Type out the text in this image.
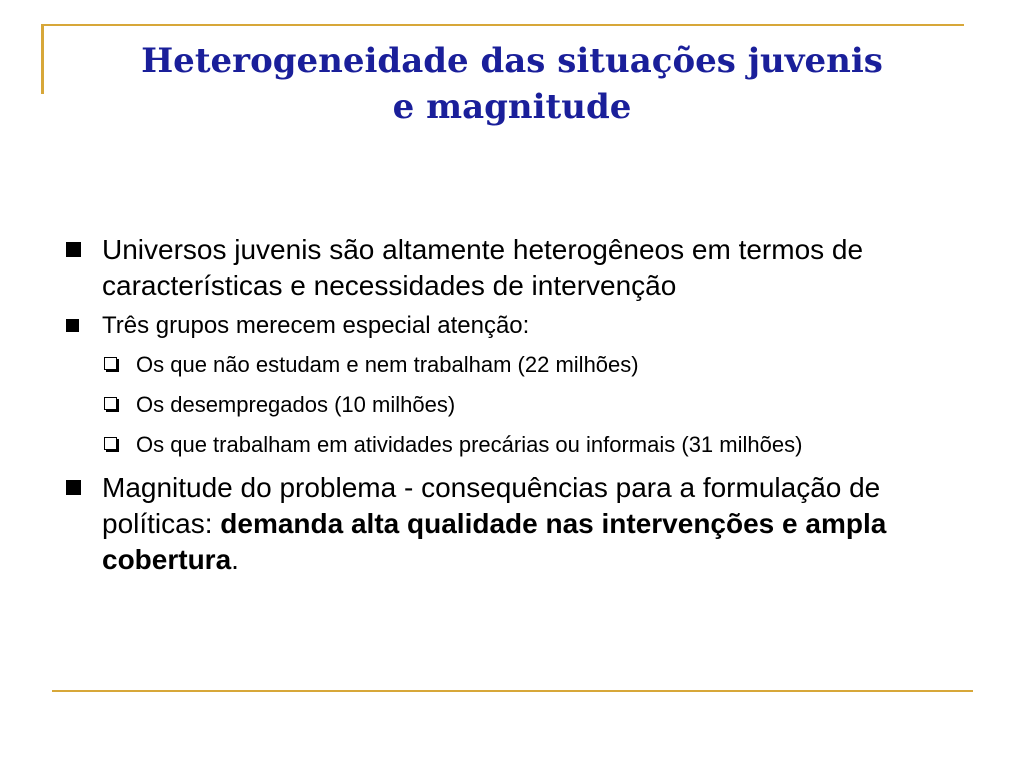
Heterogeneidade das situações juvenis
e magnitude
Universos juvenis são altamente heterogêneos em termos de características e necessidades de intervenção
Três grupos merecem especial atenção:
Os que não estudam e nem trabalham (22 milhões)
Os desempregados (10 milhões)
Os que trabalham em atividades precárias ou informais (31 milhões)
Magnitude do problema - consequências para a formulação de políticas: demanda alta qualidade nas intervenções e ampla cobertura.
